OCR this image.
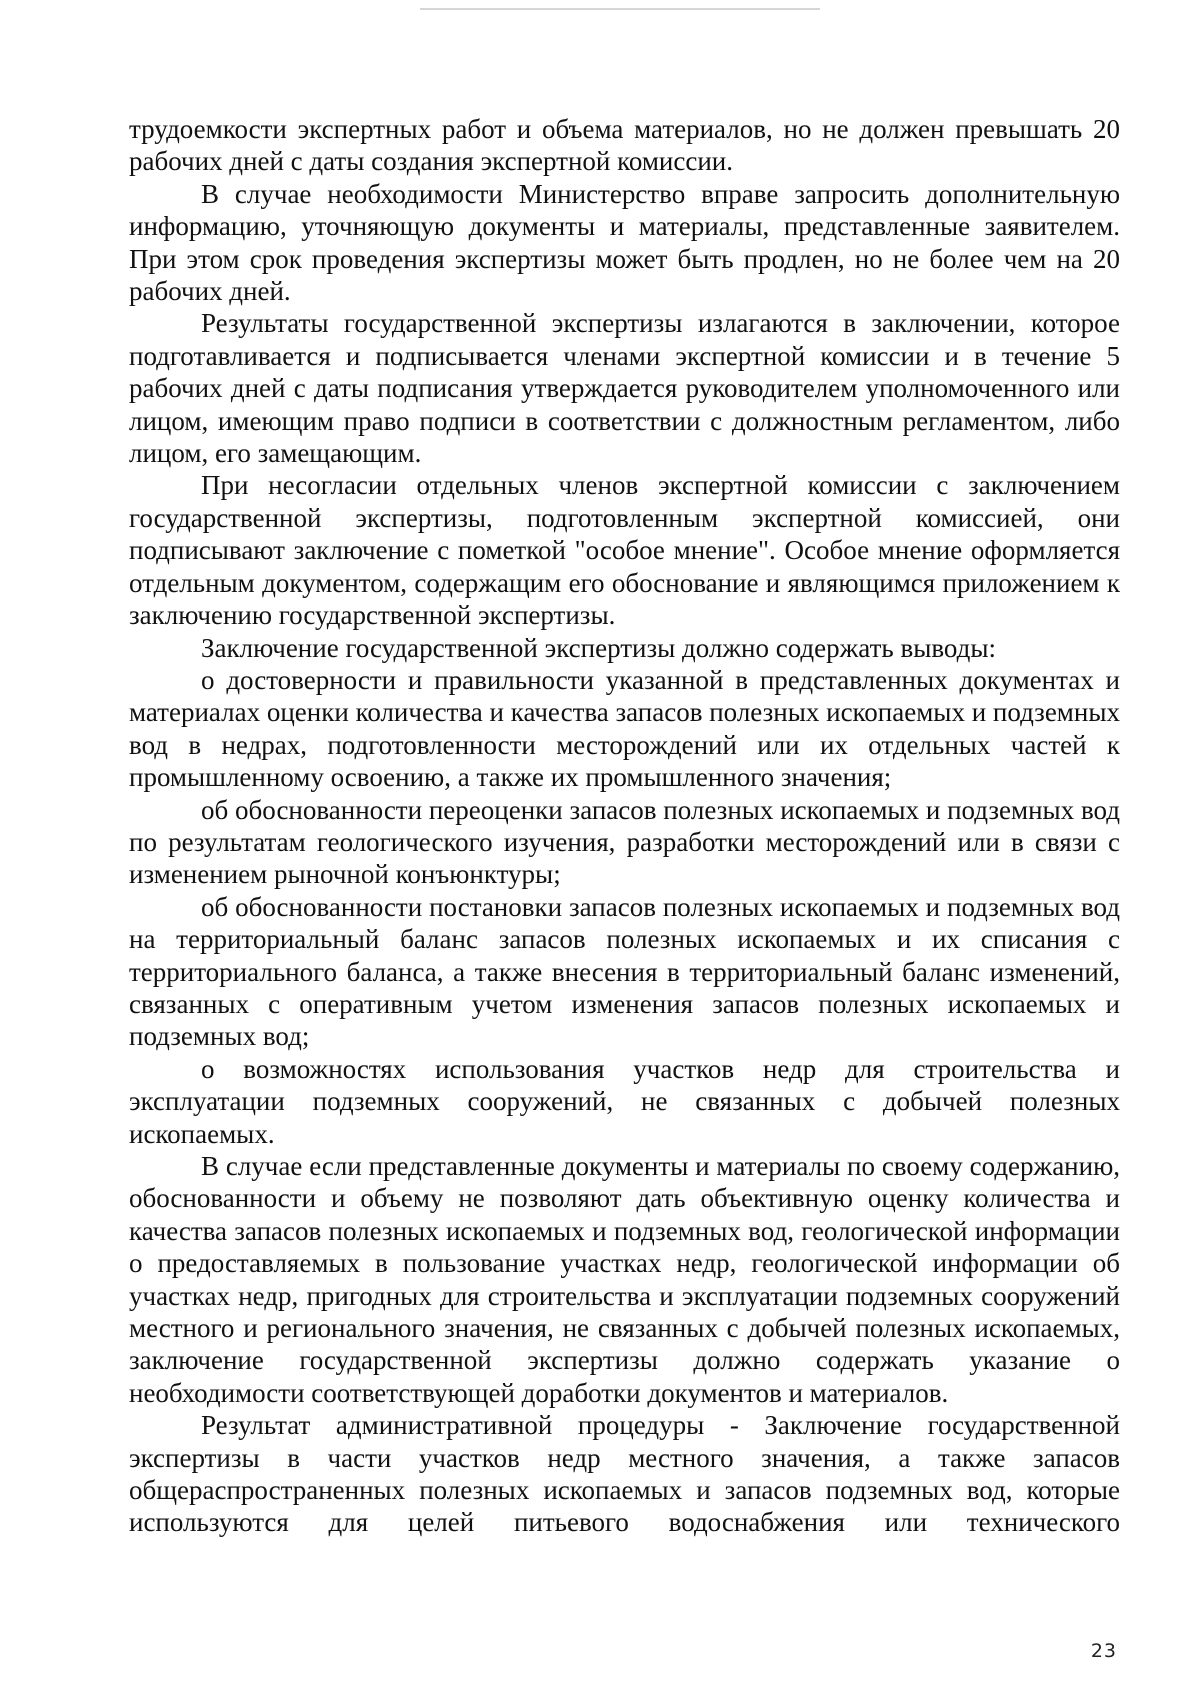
трудоемкости экспертных работ и объема материалов, но не должен превышать 20 рабочих дней с даты создания экспертной комиссии.

В случае необходимости Министерство вправе запросить дополнительную информацию, уточняющую документы и материалы, представленные заявителем. При этом срок проведения экспертизы может быть продлен, но не более чем на 20 рабочих дней.

Результаты государственной экспертизы излагаются в заключении, которое подготавливается и подписывается членами экспертной комиссии и в течение 5 рабочих дней с даты подписания утверждается руководителем уполномоченного или лицом, имеющим право подписи в соответствии с должностным регламентом, либо лицом, его замещающим.

При несогласии отдельных членов экспертной комиссии с заключением государственной экспертизы, подготовленным экспертной комиссией, они подписывают заключение с пометкой "особое мнение". Особое мнение оформляется отдельным документом, содержащим его обоснование и являющимся приложением к заключению государственной экспертизы.

Заключение государственной экспертизы должно содержать выводы:

о достоверности и правильности указанной в представленных документах и материалах оценки количества и качества запасов полезных ископаемых и подземных вод в недрах, подготовленности месторождений или их отдельных частей к промышленному освоению, а также их промышленного значения;

об обоснованности переоценки запасов полезных ископаемых и подземных вод по результатам геологического изучения, разработки месторождений или в связи с изменением рыночной конъюнктуры;

об обоснованности постановки запасов полезных ископаемых и подземных вод на территориальный баланс запасов полезных ископаемых и их списания с территориального баланса, а также внесения в территориальный баланс изменений, связанных с оперативным учетом изменения запасов полезных ископаемых и подземных вод;

о возможностях использования участков недр для строительства и эксплуатации подземных сооружений, не связанных с добычей полезных ископаемых.

В случае если представленные документы и материалы по своему содержанию, обоснованности и объему не позволяют дать объективную оценку количества и качества запасов полезных ископаемых и подземных вод, геологической информации о предоставляемых в пользование участках недр, геологической информации об участках недр, пригодных для строительства и эксплуатации подземных сооружений местного и регионального значения, не связанных с добычей полезных ископаемых, заключение государственной экспертизы должно содержать указание о необходимости соответствующей доработки документов и материалов.

Результат административной процедуры - Заключение государственной экспертизы в части участков недр местного значения, а также запасов общераспространенных полезных ископаемых и запасов подземных вод, которые используются для целей питьевого водоснабжения или технического

23
